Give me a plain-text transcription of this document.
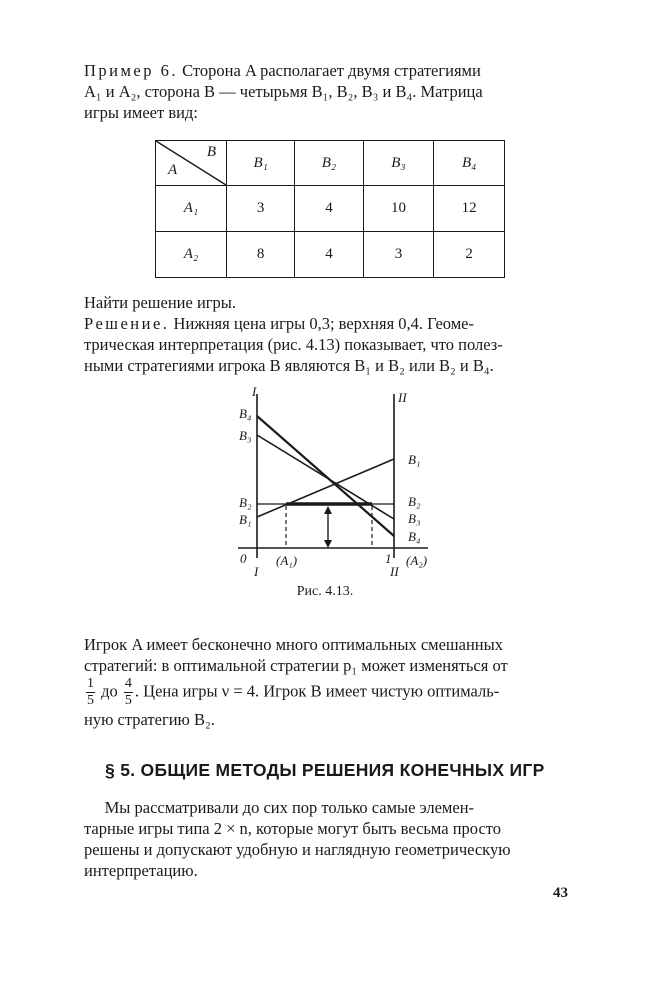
Пример 6. Сторона A располагает двумя стратегиями
A₁ и A₂, сторона B — четырьмя B₁, B₂, B₃ и B₄. Матрица
игры имеет вид:

A
B	B₁	B₂	B₃	B₄
A₁	3	4	10	12
A₂	8	4	3	2

Найти решение игры.

Решение. Нижняя цена игры 0,3; верхняя 0,4. Геоме-
трическая интерпретация (рис. 4.13) показывает, что полез-
ными стратегиями игрока B являются B₁ и B₂ или B₂ и B₄.

I	II
B₄
B₃
B₂
B₁
B₁
B₂
B₃
B₄
0
I
(A₁)	1
II
(A₂)
Рис. 4.13.

Игрок A имеет бесконечно много оптимальных смешанных
стратегий: в оптимальной стратегии p₁ может изменяться от

$\frac{1}{5}$ до $\frac{4}{5}$ . Цена игры ν = 4. Игрок B имеет чистую оптималь-
ную стратегию B₂.

§ 5. ОБЩИЕ МЕТОДЫ РЕШЕНИЯ КОНЕЧНЫХ ИГР

Мы рассматривали до сих пор только самые элемен-
тарные игры типа 2 × n, которые могут быть весьма просто
решены и допускают удобную и наглядную геометрическую
интерпретацию.

43
